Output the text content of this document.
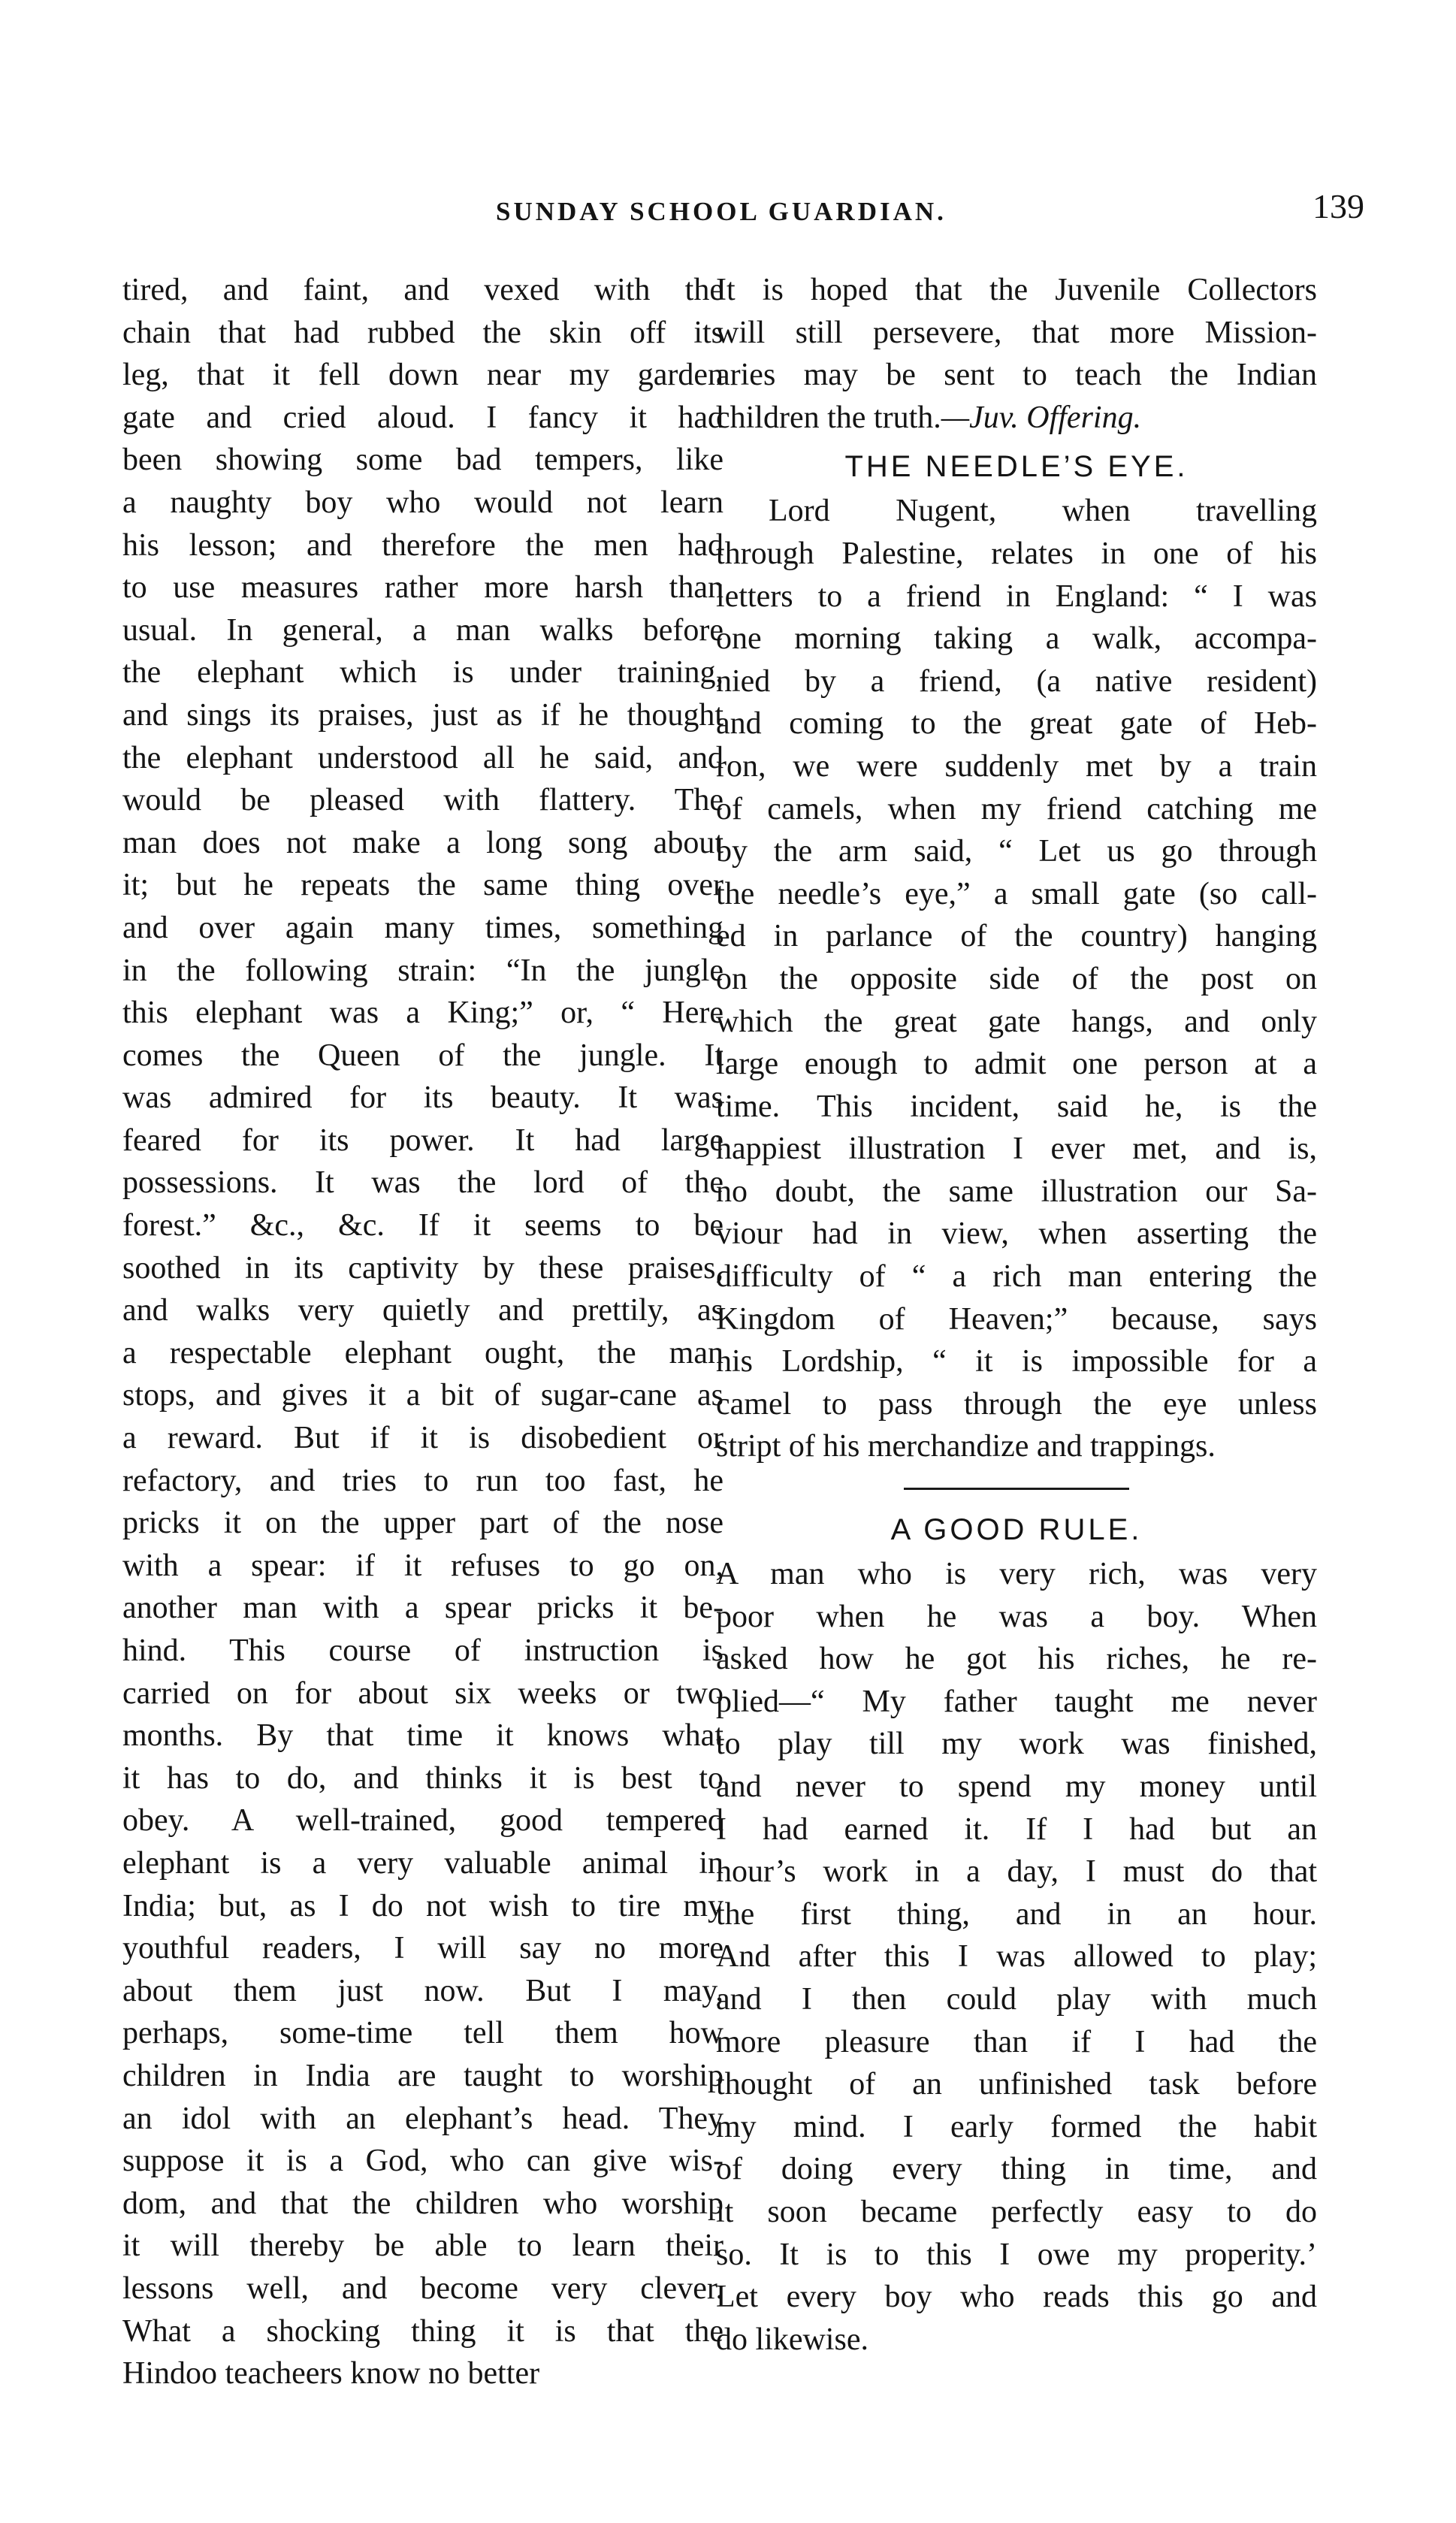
SUNDAY SCHOOL GUARDIAN.	139
tired, and faint, and vexed with the
chain that had rubbed the skin off its
leg, that it fell down near my garden
gate and cried aloud. I fancy it had
been showing some bad tempers, like
a naughty boy who would not learn
his lesson; and therefore the men had
to use measures rather more harsh than
usual. In general, a man walks before
the elephant which is under training,
and sings its praises, just as if he thought
the elephant understood all he said, and
would be pleased with flattery. The
man does not make a long song about
it; but he repeats the same thing over
and over again many times, something
in the following strain: “In the jungle
this elephant was a King;” or, “ Here
comes the Queen of the jungle. It
was admired for its beauty. It was
feared for its power. It had large
possessions. It was the lord of the
forest.” &c., &c. If it seems to be
soothed in its captivity by these praises,
and walks very quietly and prettily, as
a respectable elephant ought, the man
stops, and gives it a bit of sugar-cane as
a reward. But if it is disobedient or
refactory, and tries to run too fast, he
pricks it on the upper part of the nose
with a spear: if it refuses to go on,
another man with a spear pricks it be-
hind. This course of instruction is
carried on for about six weeks or two
months. By that time it knows what
it has to do, and thinks it is best to
obey. A well-trained, good tempered
elephant is a very valuable animal in
India; but, as I do not wish to tire my
youthful readers, I will say no more
about them just now. But I may,
perhaps, some-time tell them how
children in India are taught to worship
an idol with an elephant’s head. They
suppose it is a God, who can give wis-
dom, and that the children who worship
it will thereby be able to learn their
lessons well, and become very clever.
What a shocking thing it is that the
Hindoo teacheers know no better
It is hoped that the Juvenile Collectors
will still persevere, that more Mission-
aries may be sent to teach the Indian
children the truth.—Juv. Offering.
THE NEEDLE’S EYE.
Lord Nugent, when travelling
through Palestine, relates in one of his
letters to a friend in England: “ I was
one morning taking a walk, accompa-
nied by a friend, (a native resident)
and coming to the great gate of Heb-
ron, we were suddenly met by a train
of camels, when my friend catching me
by the arm said, “ Let us go through
the needle’s eye,” a small gate (so call-
ed in parlance of the country) hanging
on the opposite side of the post on
which the great gate hangs, and only
large enough to admit one person at a
time. This incident, said he, is the
happiest illustration I ever met, and is,
no doubt, the same illustration our Sa-
viour had in view, when asserting the
difficulty of “ a rich man entering the
Kingdom of Heaven;” because, says
his Lordship, “ it is impossible for a
camel to pass through the eye unless
stript of his merchandize and trappings.
A GOOD RULE.
A man who is very rich, was very
poor when he was a boy. When
asked how he got his riches, he re-
plied—“ My father taught me never
to play till my work was finished,
and never to spend my money until
I had earned it. If I had but an
hour’s work in a day, I must do that
the first thing, and in an hour.
And after this I was allowed to play;
and I then could play with much
more pleasure than if I had the
thought of an unfinished task before
my mind. I early formed the habit
of doing every thing in time, and
it soon became perfectly easy to do
so. It is to this I owe my properity.’
Let every boy who reads this go and
do likewise.
